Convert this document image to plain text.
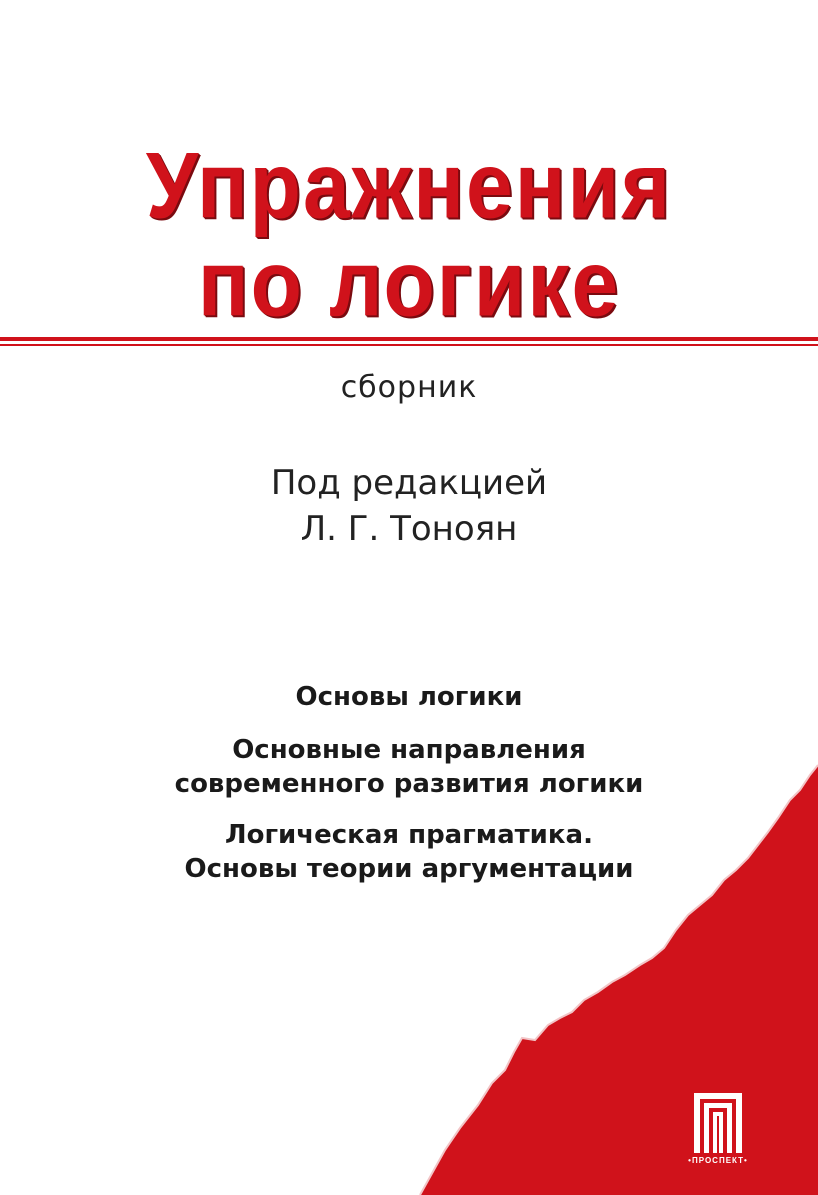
Упражнения
по логике
сборник
Под редакцией
Л. Г. Тоноян
Основы логики
Основные направления
современного развития логики
Логическая прагматика.
Основы теории аргументации
•ПРОСПЕКТ•
